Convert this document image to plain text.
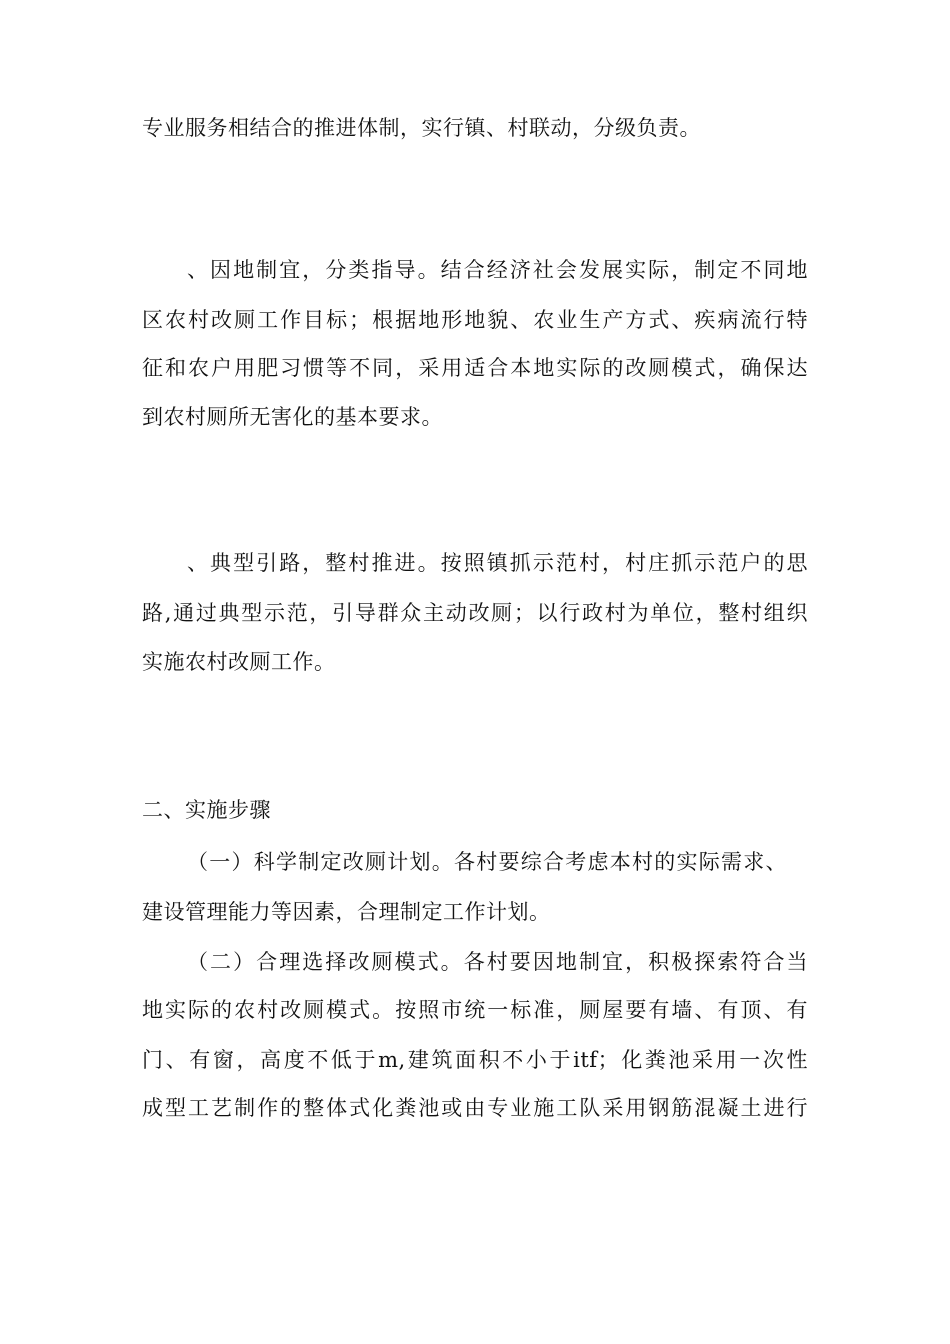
专业服务相结合的推进体制，实行镇、村联动，分级负责。
、因地制宜，分类指导。结合经济社会发展实际，制定不同地
区农村改厕工作目标；根据地形地貌、农业生产方式、疾病流行特
征和农户用肥习惯等不同，采用适合本地实际的改厕模式，确保达
到农村厕所无害化的基本要求。
、典型引路，整村推进。按照镇抓示范村，村庄抓示范户的思
路,通过典型示范，引导群众主动改厕；以行政村为单位，整村组织
实施农村改厕工作。
二、实施步骤
（一）科学制定改厕计划。各村要综合考虑本村的实际需求、
建设管理能力等因素，合理制定工作计划。
（二）合理选择改厕模式。各村要因地制宜，积极探索符合当
地实际的农村改厕模式。按照市统一标准，厕屋要有墙、有顶、有
门、有窗，高度不低于m,建筑面积不小于itf；化粪池采用一次性
成型工艺制作的整体式化粪池或由专业施工队采用钢筋混凝土进行
